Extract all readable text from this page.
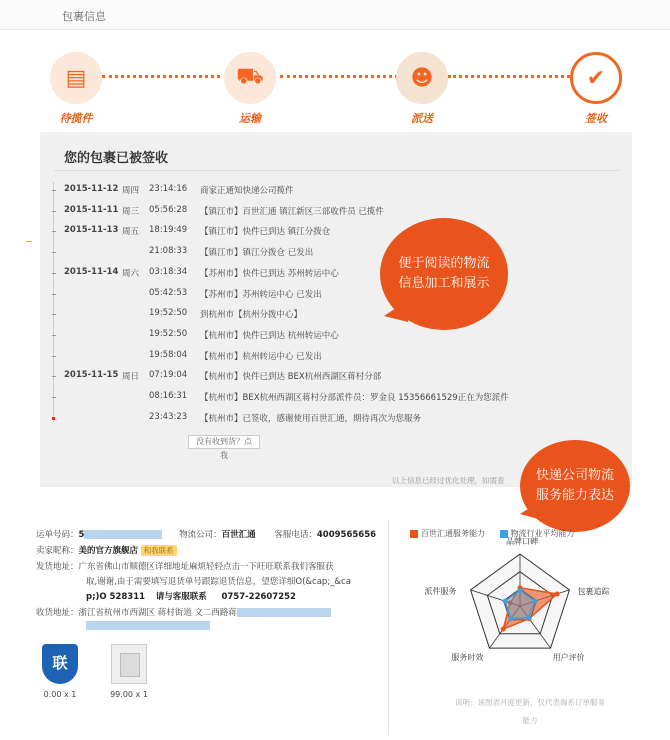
包裹信息
▤
待揽件
⛟
运输
☻
派送
✔
签收
您的包裹已被签收
2015-11-12 周四 23:14:16 商家正通知快递公司揽件
2015-11-11 周三 05:56:28 【镇江市】百世汇通 镇江新区三部收件员 已揽件
2015-11-13 周五 18:19:49 【镇江市】快件已到达 镇江分拨仓
21:08:33 【镇江市】镇江分拨仓 已发出
2015-11-14 周六 03:18:34 【苏州市】快件已到达 苏州转运中心
05:42:53 【苏州市】苏州转运中心 已发出
19:52:50 到杭州市【杭州分拨中心】
19:52:50 【杭州市】快件已到达 杭州转运中心
19:58:04 【杭州市】杭州转运中心 已发出
2015-11-15 周日 07:19:04 【杭州市】快件已到达 BEX杭州西湖区蒋村分部
08:16:31 【杭州市】BEX杭州西湖区蒋村分部派件员：罗金良 15356661529正在为您派件
23:43:23 【杭州市】已签收，感谢使用百世汇通，期待再次为您服务
没有收到货？点
我
以上信息已经过优化处理，如需查
便于阅读的物流
信息加工和展示
运单号码：5	物流公司：百世汇通 客服电话：4009565656
卖家昵称：美的官方旗舰店 和我联系
发货地址：广东省佛山市顺德区详细地址麻烦轻轻点击一下旺旺联系我们客服获
取,谢谢,由于需要填写退货单号跟踪退货信息，望您详细O(&cap;_&ca
p;)O 528311 请与客服联系 0757-22607252
收货地址：浙江省杭州市西湖区 蒋村街道 文二西路蒋
联
0.00 x 1	99.00 x 1
快递公司物流
服务能力表达
百世汇通服务能力	物流行业平均能力
品牌口碑
包裹追踪
用户评价
服务时效
派件服务
说明：该图表月度更新，仅代表淘系订单服务
能力
